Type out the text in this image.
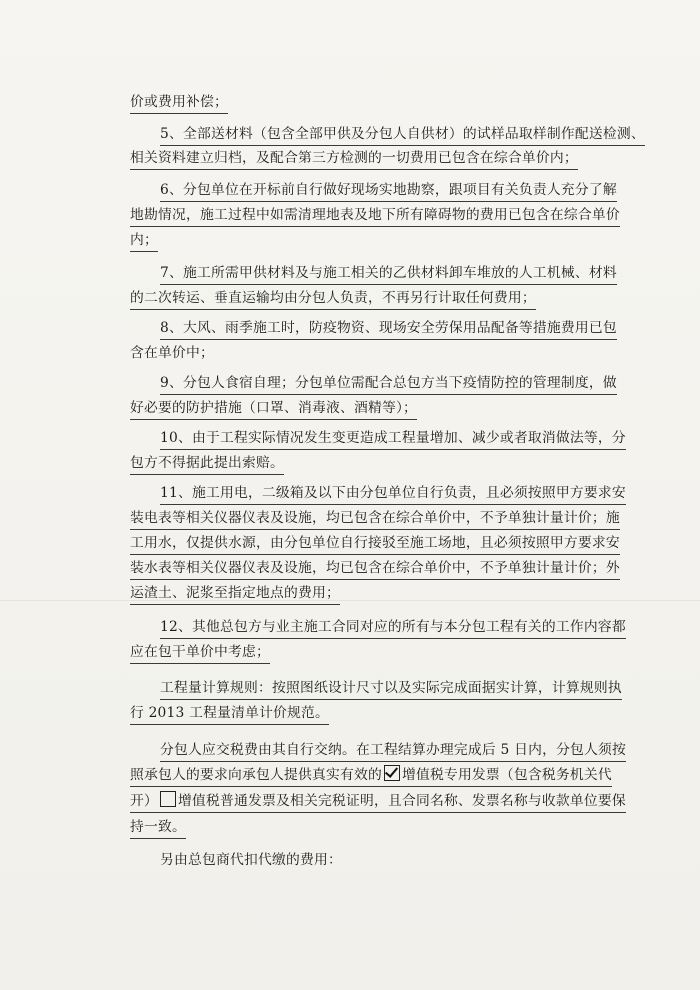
价或费用补偿；
5、全部送材料（包含全部甲供及分包人自供材）的试样品取样制作配送检测、
相关资料建立归档，及配合第三方检测的一切费用已包含在综合单价内；
6、分包单位在开标前自行做好现场实地勘察，跟项目有关负责人充分了解
地勘情况，施工过程中如需清理地表及地下所有障碍物的费用已包含在综合单价
内；
7、施工所需甲供材料及与施工相关的乙供材料卸车堆放的人工机械、材料
的二次转运、垂直运输均由分包人负责，不再另行计取任何费用；
8、大风、雨季施工时，防疫物资、现场安全劳保用品配备等措施费用已包
含在单价中；
9、分包人食宿自理；分包单位需配合总包方当下疫情防控的管理制度，做
好必要的防护措施（口罩、消毒液、酒精等）；
10、由于工程实际情况发生变更造成工程量增加、减少或者取消做法等，分
包方不得据此提出索赔。
11、施工用电，二级箱及以下由分包单位自行负责，且必须按照甲方要求安
装电表等相关仪器仪表及设施，均已包含在综合单价中，不予单独计量计价；施
工用水，仅提供水源，由分包单位自行接驳至施工场地，且必须按照甲方要求安
装水表等相关仪器仪表及设施，均已包含在综合单价中，不予单独计量计价；外
运渣土、泥浆至指定地点的费用；
12、其他总包方与业主施工合同对应的所有与本分包工程有关的工作内容都
应在包干单价中考虑；
工程量计算规则：按照图纸设计尺寸以及实际完成面据实计算，计算规则执
行 2013 工程量清单计价规范。
分包人应交税费由其自行交纳。在工程结算办理完成后 5 日内，分包人须按
照承包人的要求向承包人提供真实有效的 增值税专用发票（包含税务机关代
开） 增值税普通发票及相关完税证明，且合同名称、发票名称与收款单位要保
持一致。
另由总包商代扣代缴的费用：
